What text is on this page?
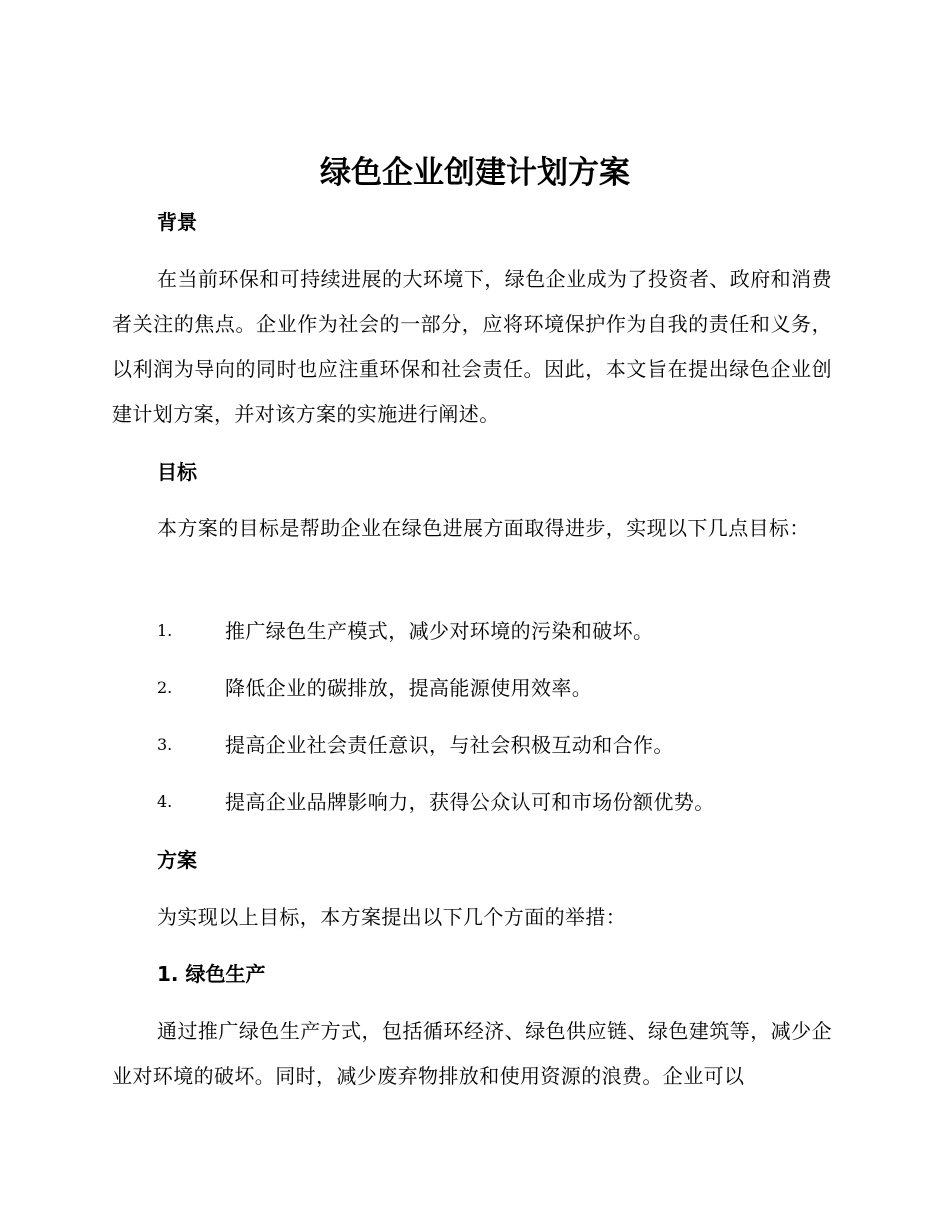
绿色企业创建计划方案
背景

在当前环保和可持续进展的大环境下，绿色企业成为了投资者、政府和消费者关注的焦点。企业作为社会的一部分，应将环境保护作为自我的责任和义务，以利润为导向的同时也应注重环保和社会责任。因此，本文旨在提出绿色企业创建计划方案，并对该方案的实施进行阐述。

目标

本方案的目标是帮助企业在绿色进展方面取得进步，实现以下几点目标：

1.	推广绿色生产模式，减少对环境的污染和破坏。
2.	降低企业的碳排放，提高能源使用效率。
3.	提高企业社会责任意识，与社会积极互动和合作。
4.	提高企业品牌影响力，获得公众认可和市场份额优势。
方案

为实现以上目标，本方案提出以下几个方面的举措：

1. 绿色生产

通过推广绿色生产方式，包括循环经济、绿色供应链、绿色建筑等，减少企业对环境的破坏。同时，减少废弃物排放和使用资源的浪费。企业可以
